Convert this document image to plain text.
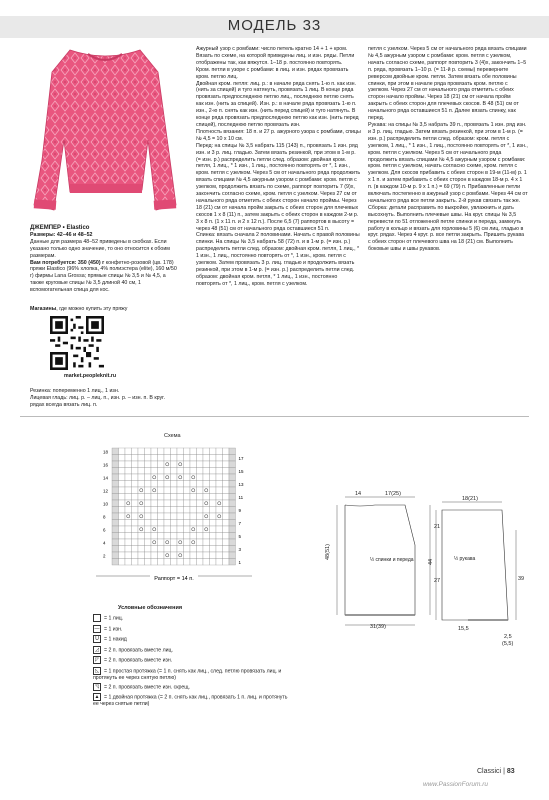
МОДЕЛЬ 33
ДЖЕМПЕР • Elastico
Размеры: 42–46 и 48–52
Данные для размера 48–52 приведены в скобках. Если указано только одно значение, то оно относится к обоим размерам.
Вам потребуется: 350 (450) г конфетно-розовой (цв. 178) пряжи Elastico (96% хлопка, 4% полиэстера (elite), 160 м/50 г) фирмы Lana Grossa; прямые спицы № 3,5 и № 4,5, а также круговые спицы № 3,5 длиной 40 см, 1 вспомогательная спица для кос.
Магазины, где можно купить эту пряжу
market.peopleknit.ru
Резинка: попеременно 1 лиц., 1 изн.
Лицевая гладь: лиц. р. – лиц. п., изн. р. – изн. п. В круг. рядах всегда вязать лиц. п.
Ажурный узор с ромбами: число петель кратно 14 + 1 + кром. Вязать по схеме, на которой приведены лиц. и изн. ряды. Петли отображены так, как вяжутся. 1–18 р. постоянно повторять.
Кром. петли в узоре с ромбами: в лиц. и изн. рядах провязать кром. петлю лиц.
Двойная кром. петля: лиц. р.: в начале ряда снять 1-ю п. как изн. (нить за спицей) и туго натянуть, провязать 1 лиц. В конце ряда провязать предпоследнюю петлю лиц., последнюю петлю снять как изн. (нить за спицей). Изн. р.: в начале ряда провязать 1-ю п. изн., 2-ю п. снять как изн. (нить перед спицей) и туго натянуть. В конце ряда провязать предпоследнюю петлю как изн. (нить перед спицей), последнюю петлю провязать изн.
Плотность вязания: 18 п. и 27 р. ажурного узора с ромбами, спицы № 4,5 = 10 х 10 см.
Перед: на спицы № 3,5 набрать 115 (143) п., провязать 1 изн. ряд изн. и 3 р. лиц. гладью. Затем вязать резинкой, при этом в 1-м р. (= изн. р.) распределить петли след. образом: двойная кром. петля, 1 лиц., * 1 изн., 1 лиц., постоянно повторять от *, 1 изн., кром. петля с узелком. Через 5 см от начального ряда продолжить вязать спицами № 4,5 ажурным узором с ромбами: кром. петля с узелком, продолжить вязать по схеме, раппорт повторить 7 (9)х, закончить согласно схеме, кром. петля с узелком. Через 27 см от начального ряда отметить с обеих сторон начало проймы. Через 18 (21) см от начала пройм закрыть с обеих сторон для плечевых скосов 1 х 8 (11) п., затем закрыть с обеих сторон в каждом 2-м р. 3 х 8 п. (1 х 11 п. и 2 х 12 п.). После 6,5 (7) раппортов в высоту = через 48 (51) см от начального ряда оставшиеся 51 п.
Спинка: вязать сначала 2 половинами. Начать с правой половины спинки. На спицы № 3,5 набрать 58 (72) п. и в 1-м р. (= изн. р.) распределить петли след. образом: двойная кром. петля, 1 лиц., * 1 изн., 1 лиц., постоянно повторять от *, 1 изн., кром. петля с узелком. Затем провязать 3 р. лиц. гладью и продолжить вязать резинкой, при этом в 1-м р. (= изн. р.) распределить петли след. образом: двойная кром. петля, * 1 лиц., 1 изн., постоянно повторять от *, 1 лиц., кром. петля с узелком.
петля с узелком. Через 5 см от начального ряда вязать спицами № 4,5 ажурным узором с ромбами: кром. петля с узелком, начать согласно схеме, раппорт повторить 3 (4)х, закончить 1–5 п. ряда, провязать 1–10 р. (= 11-й р. схемы) переверните реверсом двойные кром. петли. Затем вязать обе половины спинки, при этом в начале ряда провязать кром. петлю с узелком. Через 27 см от начального ряда отметить с обеих сторон начало проймы. Через 18 (21) см от начала пройм закрыть с обеих сторон для плечевых скосов. В 48 (51) см от начального ряда оставшиеся 51 п. Далее вязать спинку, как перед.
Рукава: на спицы № 3,5 набрать 39 п., провязать 1 изн. ряд изн. и 3 р. лиц. гладью. Затем вязать резинкой, при этом в 1-м р. (= изн. р.) распределить петли след. образом: кром. петля с узелком, 1 лиц., * 1 изн., 1 лиц., постоянно повторять от *, 1 изн., кром. петля с узелком. Через 5 см от начального ряда продолжить вязать спицами № 4,5 ажурным узором с ромбами: кром. петля с узелком, начать согласно схеме, кром. петля с узелком. Для скосов прибавить с обеих сторон в 19-м (11-м) р. 1 х 1 п. и затем прибавить с обеих сторон в каждом 18-м р. 4 х 1 п. (в каждом 10-м р. 9 х 1 п.) = 69 (79) п. Прибавленные петли включать постепенно в ажурный узор с ромбами. Через 44 см от начального ряда все петли закрыть. 2-й рукав связать так же.
Сборка: детали расправить по выкройке, увлажнить и дать высохнуть. Выполнить плечевые швы. На круг. спицы № 3,5 перевести по 51 отложенной петле спинки и переда, замкнуть работу в кольцо и вязать для горловины 5 (6) см лиц. гладью в круг. рядах. Через 4 круг. р. все петли закрыть. Пришить рукава с обеих сторон от плечевого шва на 18 (21) см. Выполнить боковые швы и швы рукавов.
Схема
17
15
13
11
9
7
5
3
1
18
16
14
12
10
8
6
4
2
Раппорт = 14 п.
Условные обозначения
= 1 лиц.
— = 1 изн.
U = 1 накид
◿ = 2 п. провязать вместе лиц.
◸ = 2 п. провязать вместе изн.
◺ = 1 простая протяжка (= 1 п. снять как лиц., след. петлю провязать лиц. и протянуть ее через снятую петлю)
◹ = 2 п. провязать вместе изн. скрещ.
▲ = 1 двойная протяжка (= 2 п. снять как лиц., провязать 1 п. лиц. и протянуть ее через снятые петли)
14	17(25)
48(51)
27
21
½ спинки и переда
31(39)
18(21)
44
39
½ рукава
15,5
2,5
(5,5)
Classici | 83
www.PassionForum.ru
